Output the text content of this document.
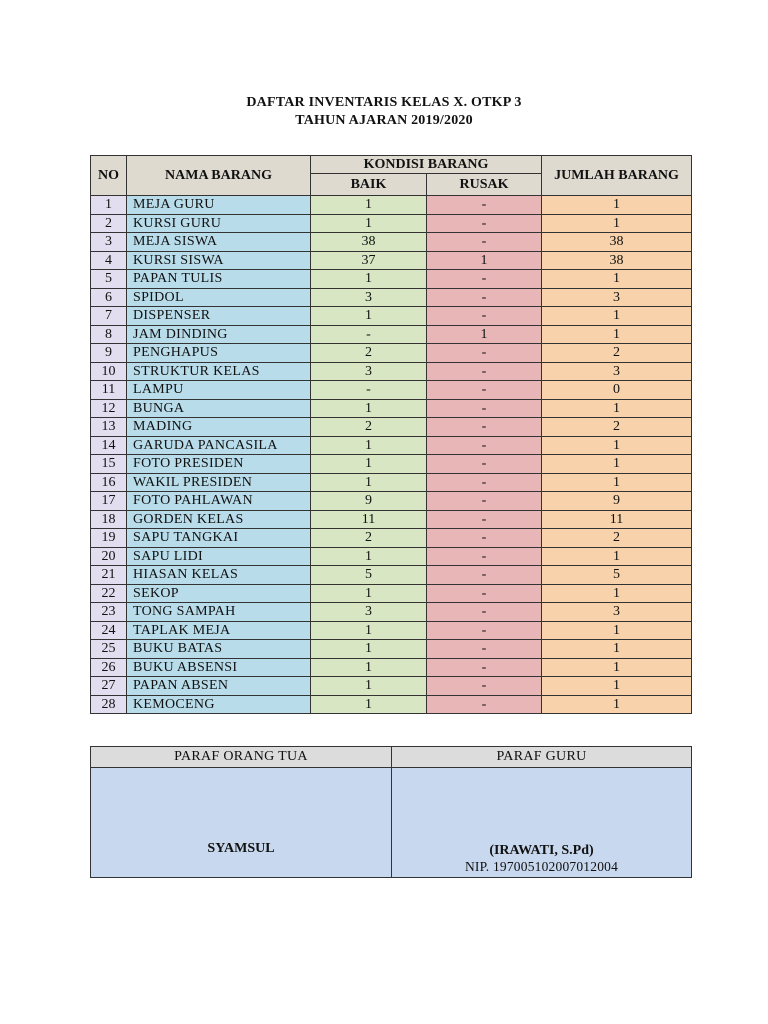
DAFTAR INVENTARIS KELAS X. OTKP 3
TAHUN AJARAN 2019/2020
NO	NAMA BARANG	KONDISI BARANG		JUMLAH BARANG
		BAIK	RUSAK	
1	MEJA GURU	1	-	1
2	KURSI GURU	1	-	1
3	MEJA SISWA	38	-	38
4	KURSI SISWA	37	1	38
5	PAPAN TULIS	1	-	1
6	SPIDOL	3	-	3
7	DISPENSER	1	-	1
8	JAM DINDING	-	1	1
9	PENGHAPUS	2	-	2
10	STRUKTUR KELAS	3	-	3
11	LAMPU	-	-	0
12	BUNGA	1	-	1
13	MADING	2	-	2
14	GARUDA PANCASILA	1	-	1
15	FOTO PRESIDEN	1	-	1
16	WAKIL PRESIDEN	1	-	1
17	FOTO PAHLAWAN	9	-	9
18	GORDEN KELAS	11	-	11
19	SAPU TANGKAI	2	-	2
20	SAPU LIDI	1	-	1
21	HIASAN KELAS	5	-	5
22	SEKOP	1	-	1
23	TONG SAMPAH	3	-	3
24	TAPLAK MEJA	1	-	1
25	BUKU BATAS	1	-	1
26	BUKU ABSENSI	1	-	1
27	PAPAN ABSEN	1	-	1
28	KEMOCENG	1	-	1
PARAF ORANG TUA	PARAF GURU

SYAMSUL	(IRAWATI, S.Pd)
NIP. 197005102007012004
